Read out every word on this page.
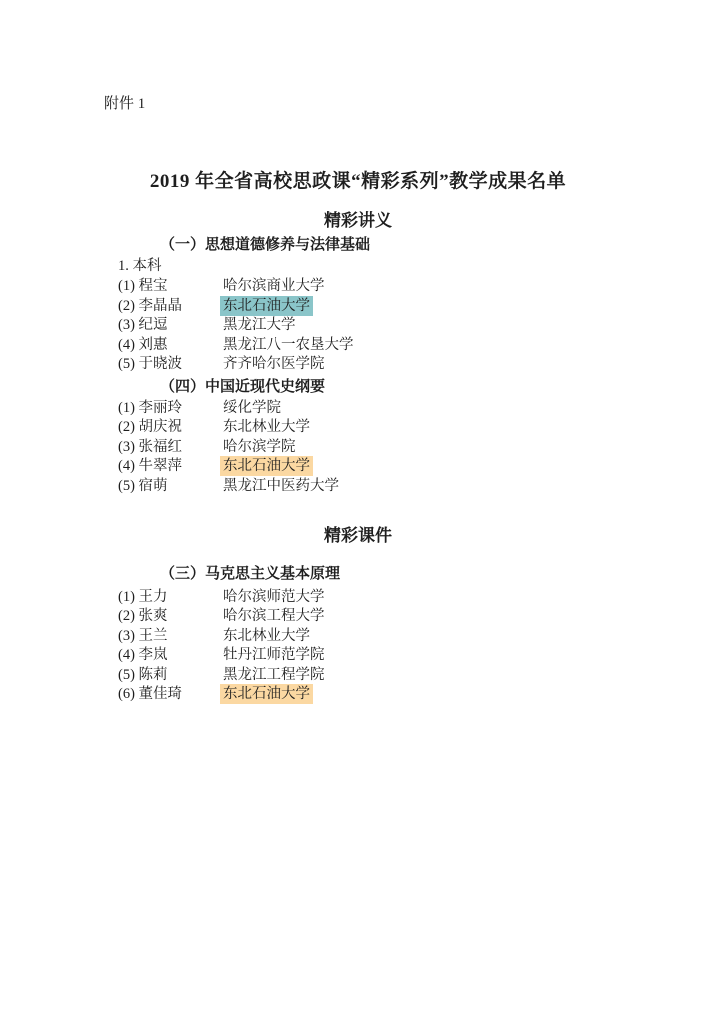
附件 1
2019 年全省高校思政课“精彩系列”教学成果名单
精彩讲义
（一）思想道德修养与法律基础
1. 本科
(1) 程宝	哈尔滨商业大学
(2) 李晶晶	东北石油大学
(3) 纪逗	黑龙江大学
(4) 刘惠	黑龙江八一农垦大学
(5) 于晓波	齐齐哈尔医学院
（四）中国近现代史纲要
(1) 李丽玲	绥化学院
(2) 胡庆祝	东北林业大学
(3) 张福红	哈尔滨学院
(4) 牛翠萍	东北石油大学
(5) 宿萌	黑龙江中医药大学
精彩课件
（三）马克思主义基本原理
(1) 王力	哈尔滨师范大学
(2) 张爽	哈尔滨工程大学
(3) 王兰	东北林业大学
(4) 李岚	牡丹江师范学院
(5) 陈莉	黑龙江工程学院
(6) 董佳琦	东北石油大学
